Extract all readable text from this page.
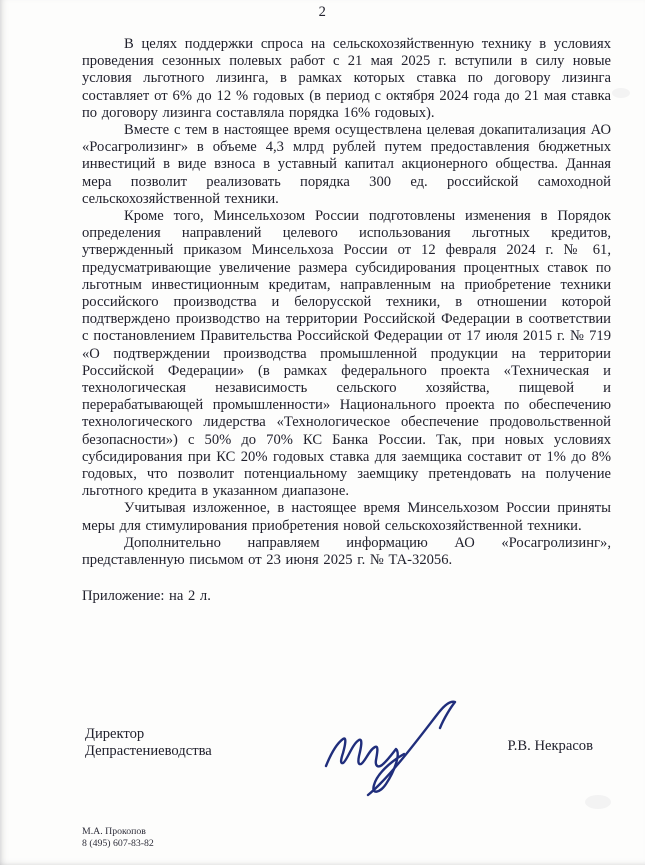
2

В целях поддержки спроса на сельскохозяйственную технику в условиях проведения сезонных полевых работ с 21 мая 2025 г. вступили в силу новые условия льготного лизинга, в рамках которых ставка по договору лизинга составляет от 6% до 12 % годовых (в период с октября 2024 года до 21 мая ставка по договору лизинга составляла порядка 16% годовых).

Вместе с тем в настоящее время осуществлена целевая докапитализация АО «Росагролизинг» в объеме 4,3 млрд рублей путем предоставления бюджетных инвестиций в виде взноса в уставный капитал акционерного общества. Данная мера позволит реализовать порядка 300 ед. российской самоходной сельскохозяйственной техники.

Кроме того, Минсельхозом России подготовлены изменения в Порядок определения направлений целевого использования льготных кредитов, утвержденный приказом Минсельхоза России от 12 февраля 2024 г. № 61, предусматривающие увеличение размера субсидирования процентных ставок по льготным инвестиционным кредитам, направленным на приобретение техники российского производства и белорусской техники, в отношении которой подтверждено производство на территории Российской Федерации в соответствии с постановлением Правительства Российской Федерации от 17 июля 2015 г. № 719 «О подтверждении производства промышленной продукции на территории Российской Федерации» (в рамках федерального проекта «Техническая и технологическая независимость сельского хозяйства, пищевой и перерабатывающей промышленности» Национального проекта по обеспечению технологического лидерства «Технологическое обеспечение продовольственной безопасности») с 50% до 70% КС Банка России. Так, при новых условиях субсидирования при КС 20% годовых ставка для заемщика составит от 1% до 8% годовых, что позволит потенциальному заемщику претендовать на получение льготного кредита в указанном диапазоне.

Учитывая изложенное, в настоящее время Минсельхозом России приняты меры для стимулирования приобретения новой сельскохозяйственной техники.

Дополнительно направляем информацию АО «Росагролизинг», представленную письмом от 23 июня 2025 г. № ТА-32056.

Приложение: на 2 л.

Директор
Депрастениеводства	Р.В. Некрасов
М.А. Прокопов
8 (495) 607-83-82
